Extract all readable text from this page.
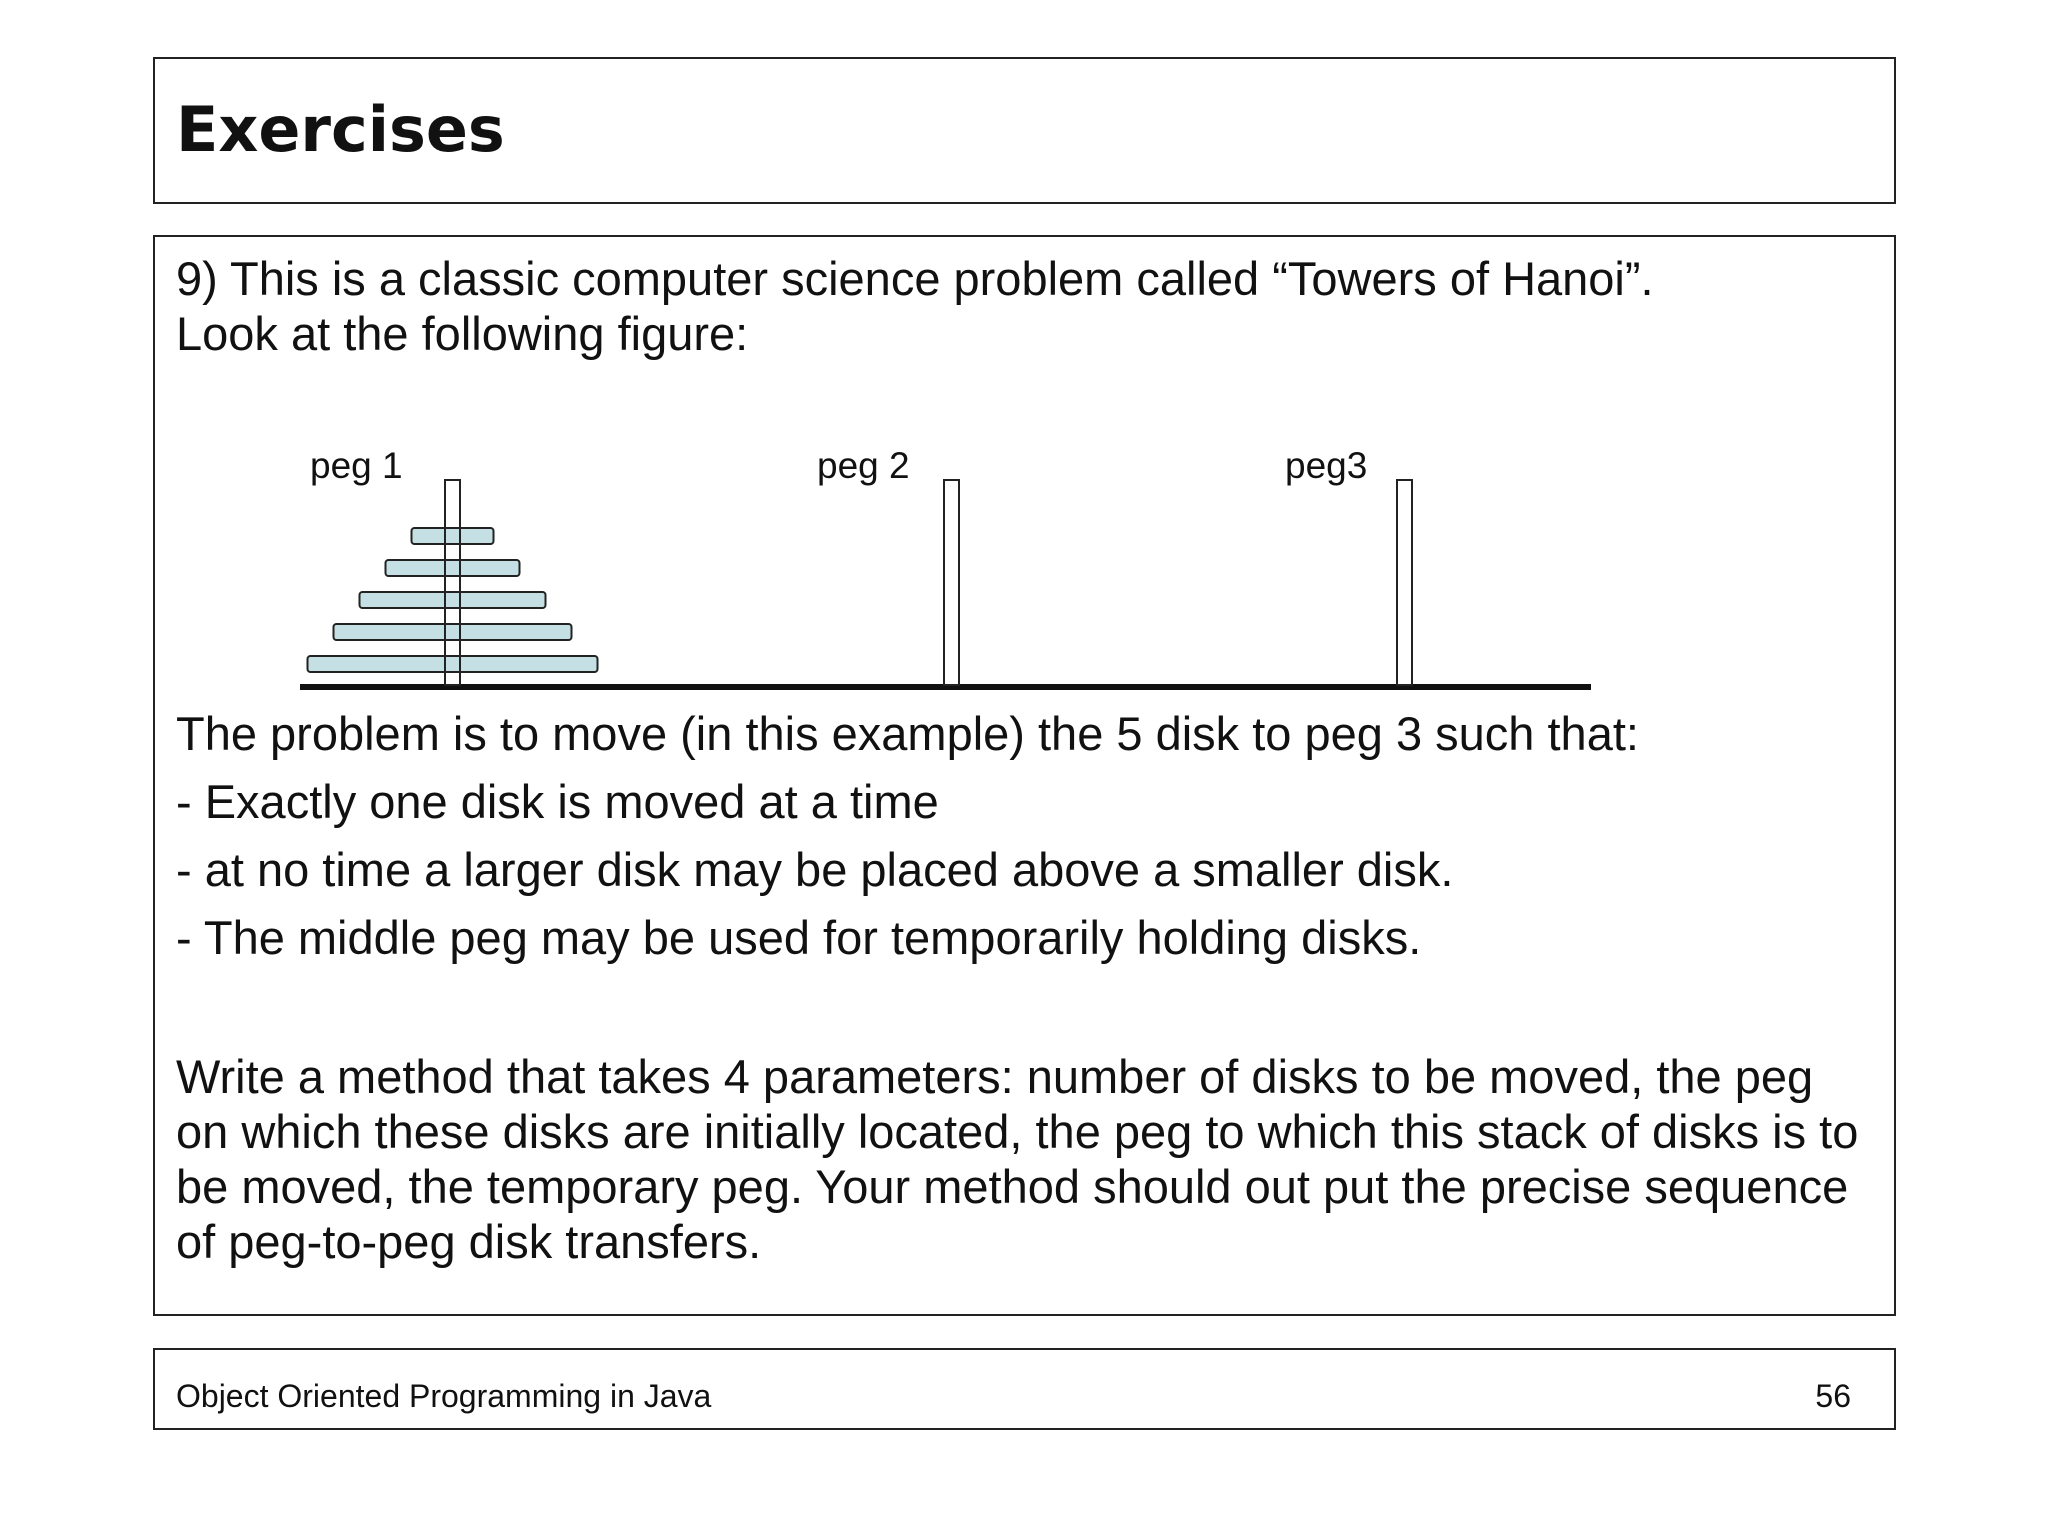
Exercises
9) This is a classic computer science problem called “Towers of Hanoi”.
Look at the following figure:
peg 1	peg 2	peg3
The problem is to move (in this example) the 5 disk to peg 3 such that:
- Exactly one disk is moved at a time
- at no time a larger disk may be placed above a smaller disk.
- The middle peg may be used for temporarily holding disks.
Write a method that takes 4 parameters: number of disks to be moved, the peg on which these disks are initially located, the peg to which this stack of disks is to be moved, the temporary peg. Your method should out put the precise sequence of peg-to-peg disk transfers.
Object Oriented Programming in Java	56
